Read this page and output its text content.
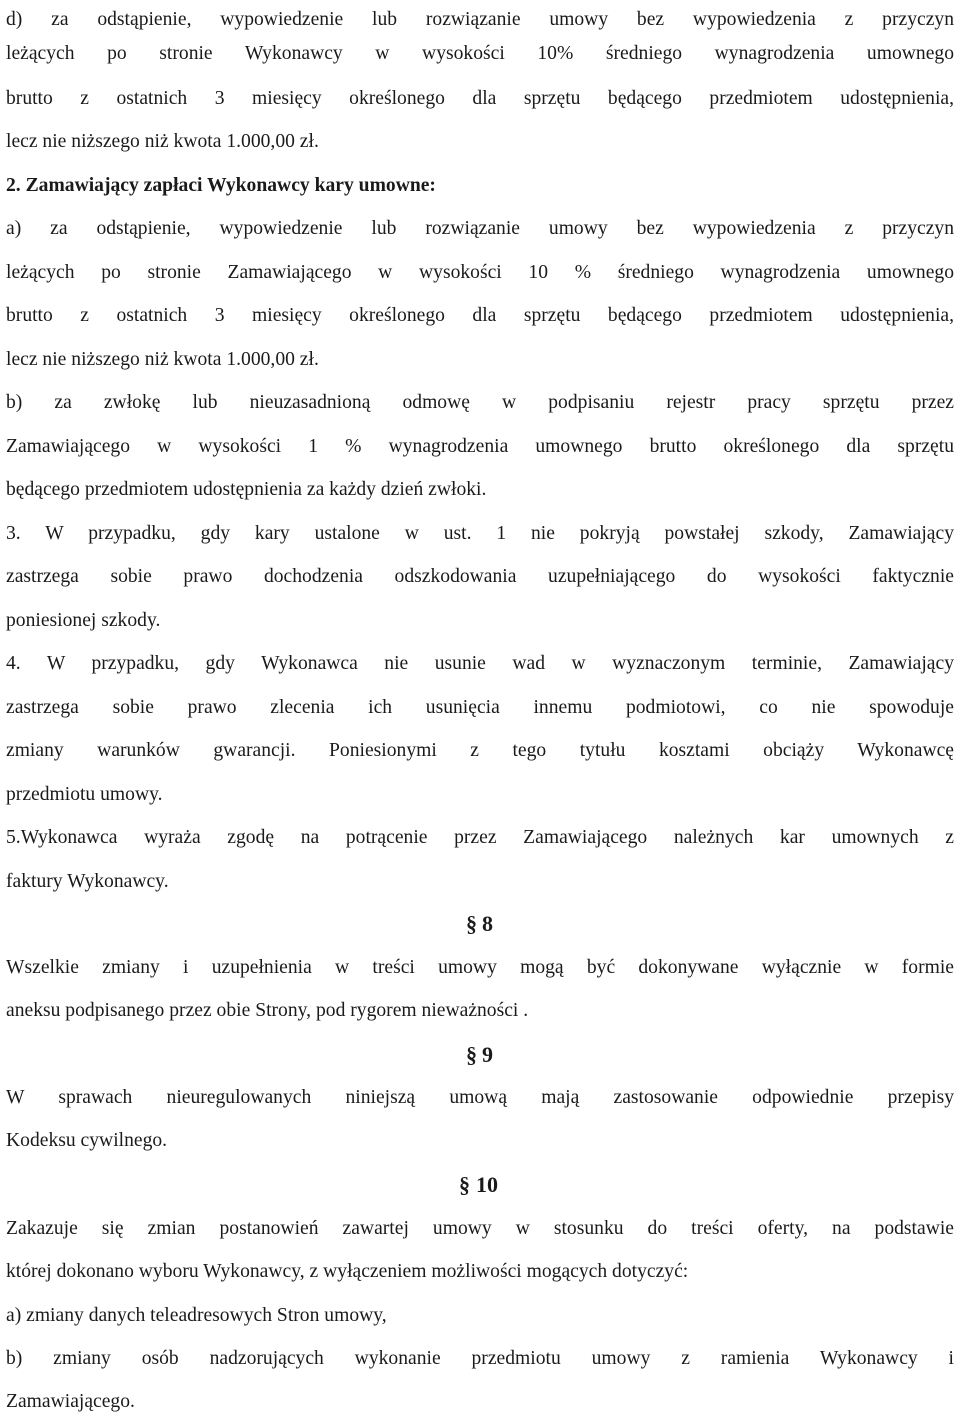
d) za odstąpienie, wypowiedzenie lub rozwiązanie umowy bez wypowiedzenia z przyczyn
leżących po stronie Wykonawcy w wysokości 10% średniego wynagrodzenia umownego
brutto z ostatnich 3 miesięcy określonego dla sprzętu będącego przedmiotem udostępnienia,
lecz nie niższego niż kwota 1.000,00 zł.
2. Zamawiający zapłaci Wykonawcy kary umowne:
a) za odstąpienie, wypowiedzenie lub rozwiązanie umowy bez wypowiedzenia z przyczyn
leżących po stronie Zamawiającego w wysokości 10 % średniego wynagrodzenia umownego
brutto z ostatnich 3 miesięcy określonego dla sprzętu będącego przedmiotem udostępnienia,
lecz nie niższego niż kwota 1.000,00 zł.
b) za zwłokę lub nieuzasadnioną odmowę w podpisaniu rejestr pracy sprzętu przez
Zamawiającego w wysokości 1 % wynagrodzenia umownego brutto określonego dla sprzętu
będącego przedmiotem udostępnienia za każdy dzień zwłoki.
3. W przypadku, gdy kary ustalone w ust. 1 nie pokryją powstałej szkody, Zamawiający
zastrzega sobie prawo dochodzenia odszkodowania uzupełniającego do wysokości faktycznie
poniesionej szkody.
4. W przypadku, gdy Wykonawca nie usunie wad w wyznaczonym terminie, Zamawiający
zastrzega sobie prawo zlecenia ich usunięcia innemu podmiotowi, co nie spowoduje
zmiany warunków gwarancji. Poniesionymi z tego tytułu kosztami obciąży Wykonawcę
przedmiotu umowy.
5.Wykonawca wyraża zgodę na potrącenie przez Zamawiającego należnych kar umownych z
faktury Wykonawcy.
§ 8
Wszelkie zmiany i uzupełnienia w treści umowy mogą być dokonywane wyłącznie w formie
aneksu podpisanego przez obie Strony, pod rygorem nieważności .
§ 9
W sprawach nieuregulowanych niniejszą umową mają zastosowanie odpowiednie przepisy
Kodeksu cywilnego.
§ 10
Zakazuje się zmian postanowień zawartej umowy w stosunku do treści oferty, na podstawie
której dokonano wyboru Wykonawcy, z wyłączeniem możliwości mogących dotyczyć:
a) zmiany danych teleadresowych Stron umowy,
b) zmiany osób nadzorujących wykonanie przedmiotu umowy z ramienia Wykonawcy i
Zamawiającego.
